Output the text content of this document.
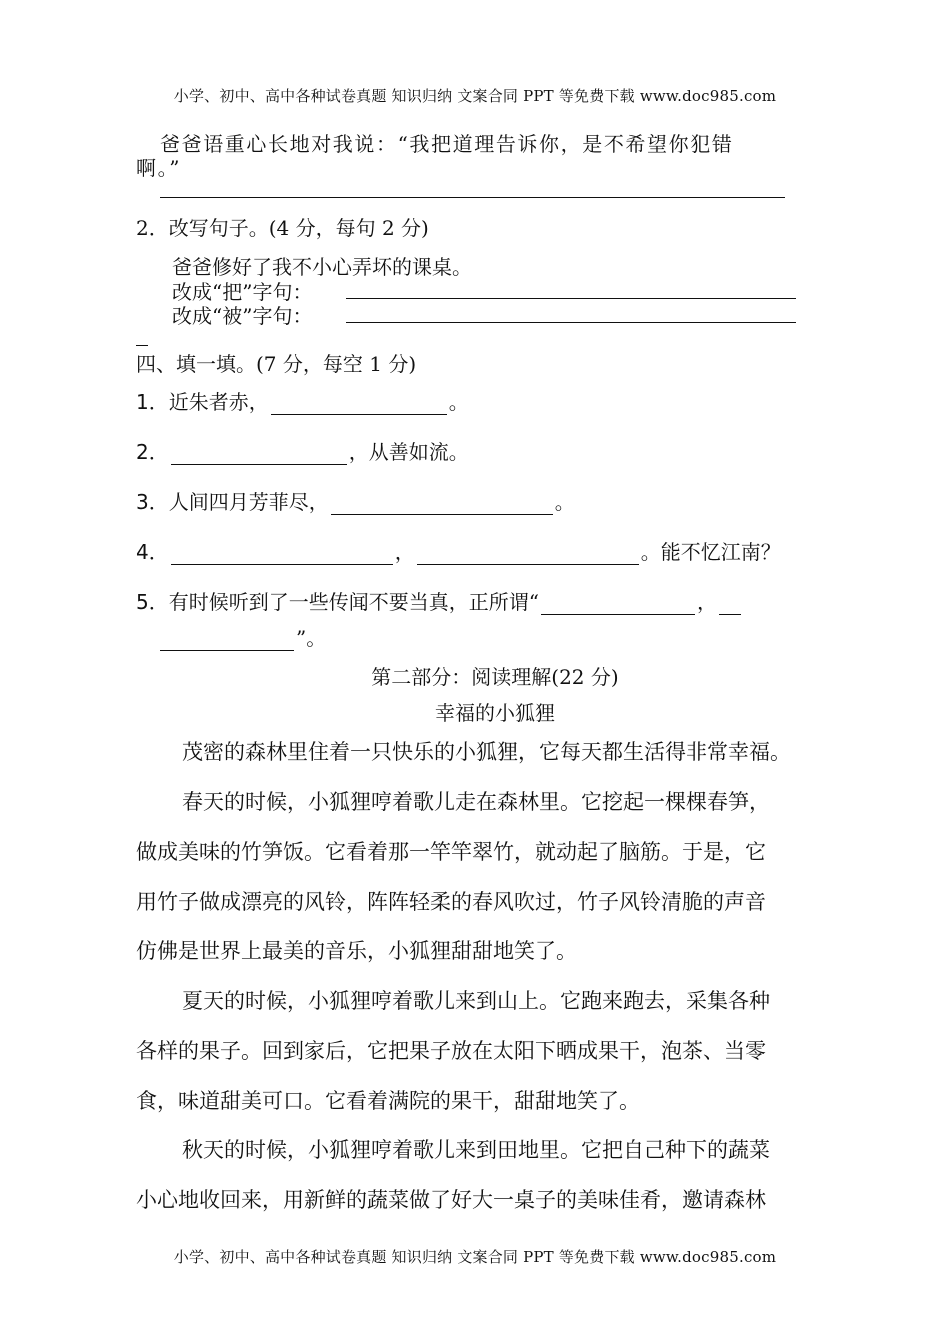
小学、初中、高中各种试卷真题 知识归纳 文案合同 PPT 等免费下载 www.doc985.com
爸爸语重心长地对我说：“我把道理告诉你，是不希望你犯错
啊。”
2．改写句子。(4 分，每句 2 分)
爸爸修好了我不小心弄坏的课桌。
改成“把”字句：
改成“被”字句：
四、填一填。(7 分，每空 1 分)
1． 近朱者赤，	。
2．	，从善如流。
3． 人间四月芳菲尽，	。
4．	，	。能不忆江南？
5． 有时候听到了一些传闻不要当真，正所谓“	，
”。
第二部分：阅读理解(22 分)
幸福的小狐狸
茂密的森林里住着一只快乐的小狐狸，它每天都生活得非常幸福。
春天的时候，小狐狸哼着歌儿走在森林里。它挖起一棵棵春笋，
做成美味的竹笋饭。它看着那一竿竿翠竹，就动起了脑筋。于是，它
用竹子做成漂亮的风铃，阵阵轻柔的春风吹过，竹子风铃清脆的声音
仿佛是世界上最美的音乐，小狐狸甜甜地笑了。
夏天的时候，小狐狸哼着歌儿来到山上。它跑来跑去，采集各种
各样的果子。回到家后，它把果子放在太阳下晒成果干，泡茶、当零
食，味道甜美可口。它看着满院的果干，甜甜地笑了。
秋天的时候，小狐狸哼着歌儿来到田地里。它把自己种下的蔬菜
小心地收回来，用新鲜的蔬菜做了好大一桌子的美味佳肴，邀请森林
小学、初中、高中各种试卷真题 知识归纳 文案合同 PPT 等免费下载 www.doc985.com
